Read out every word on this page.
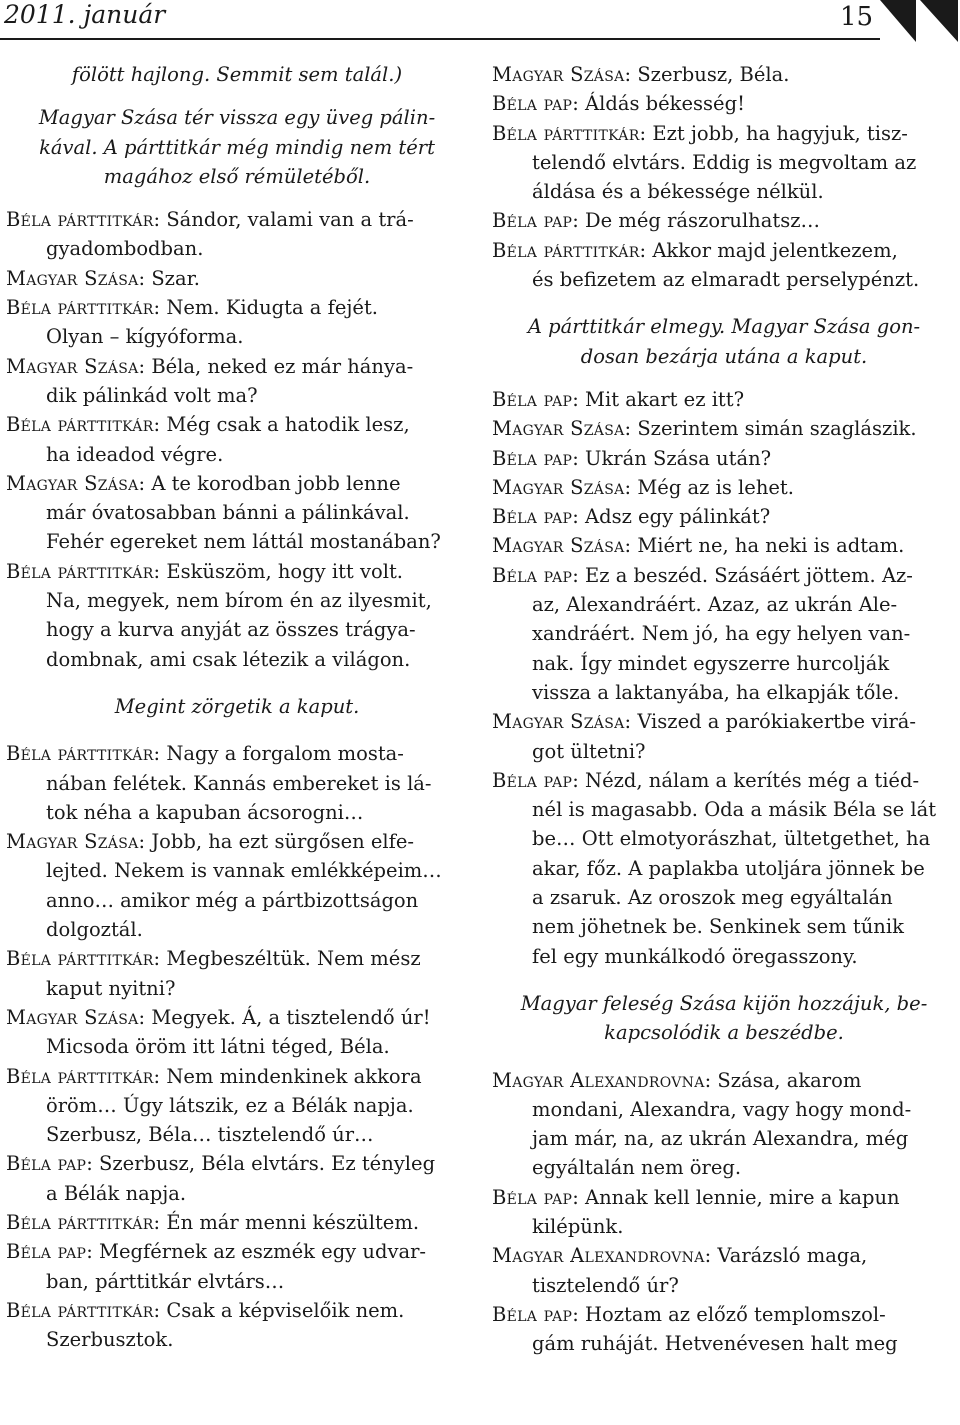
2011. január	15
fölött hajlong. Semmit sem talál.)
Magyar Szása tér vissza egy üveg pálin-
kával. A párttitkár még mindig nem tért
magához első rémületéből.
Béla párttitkár: Sándor, valami van a trá-
gyadombodban.
Magyar Szása: Szar.
Béla párttitkár: Nem. Kidugta a fejét.
Olyan – kígyóforma.
Magyar Szása: Béla, neked ez már hánya-
dik pálinkád volt ma?
Béla párttitkár: Még csak a hatodik lesz,
ha ideadod végre.
Magyar Szása: A te korodban jobb lenne
már óvatosabban bánni a pálinkával.
Fehér egereket nem láttál mostanában?
Béla párttitkár: Esküszöm, hogy itt volt.
Na, megyek, nem bírom én az ilyesmit,
hogy a kurva anyját az összes trágya-
dombnak, ami csak létezik a világon.
Megint zörgetik a kaput.
Béla párttitkár: Nagy a forgalom mosta-
nában felétek. Kannás embereket is lá-
tok néha a kapuban ácsorogni…
Magyar Szása: Jobb, ha ezt sürgősen elfe-
lejted. Nekem is vannak emlékképeim…
anno… amikor még a pártbizottságon
dolgoztál.
Béla párttitkár: Megbeszéltük. Nem mész
kaput nyitni?
Magyar Szása: Megyek. Á, a tisztelendő úr!
Micsoda öröm itt látni téged, Béla.
Béla párttitkár: Nem mindenkinek akkora
öröm… Úgy látszik, ez a Bélák napja.
Szerbusz, Béla… tisztelendő úr…
Béla pap: Szerbusz, Béla elvtárs. Ez tényleg
a Bélák napja.
Béla párttitkár: Én már menni készültem.
Béla pap: Megférnek az eszmék egy udvar-
ban, párttitkár elvtárs…
Béla párttitkár: Csak a képviselőik nem.
Szerbusztok.
Magyar Szása: Szerbusz, Béla.
Béla pap: Áldás békesség!
Béla párttitkár: Ezt jobb, ha hagyjuk, tisz-
telendő elvtárs. Eddig is megvoltam az
áldása és a békessége nélkül.
Béla pap: De még rászorulhatsz…
Béla párttitkár: Akkor majd jelentkezem,
és befizetem az elmaradt perselypénzt.
A párttitkár elmegy. Magyar Szása gon-
dosan bezárja utána a kaput.
Béla pap: Mit akart ez itt?
Magyar Szása: Szerintem simán szaglászik.
Béla pap: Ukrán Szása után?
Magyar Szása: Még az is lehet.
Béla pap: Adsz egy pálinkát?
Magyar Szása: Miért ne, ha neki is adtam.
Béla pap: Ez a beszéd. Szásáért jöttem. Az-
az, Alexandráért. Azaz, az ukrán Ale-
xandráért. Nem jó, ha egy helyen van-
nak. Így mindet egyszerre hurcolják
vissza a laktanyába, ha elkapják tőle.
Magyar Szása: Viszed a parókiakertbe virá-
got ültetni?
Béla pap: Nézd, nálam a kerítés még a tiéd-
nél is magasabb. Oda a másik Béla se lát
be… Ott elmotyorászhat, ültetgethet, ha
akar, főz. A paplakba utoljára jönnek be
a zsaruk. Az oroszok meg egyáltalán
nem jöhetnek be. Senkinek sem tűnik
fel egy munkálkodó öregasszony.
Magyar feleség Szása kijön hozzájuk, be-
kapcsolódik a beszédbe.
Magyar Alexandrovna: Szása, akarom
mondani, Alexandra, vagy hogy mond-
jam már, na, az ukrán Alexandra, még
egyáltalán nem öreg.
Béla pap: Annak kell lennie, mire a kapun
kilépünk.
Magyar Alexandrovna: Varázsló maga,
tisztelendő úr?
Béla pap: Hoztam az előző templomszol-
gám ruháját. Hetvenévesen halt meg
